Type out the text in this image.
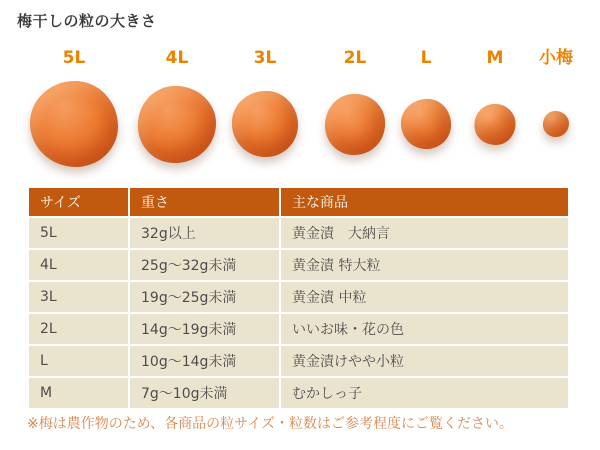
梅干しの粒の大きさ
5L	4L	3L	2L	L	M 小梅
サイズ	重さ	主な商品
5L	32g以上	黄金漬　大納言
4L	25g〜32g未満	黄金漬 特大粒
3L	19g〜25g未満	黄金漬 中粒
2L	14g〜19g未満	いいお味・花の色
L	10g〜14g未満	黄金漬けやや小粒
M	7g〜10g未満	むかしっ子
※梅は農作物のため、各商品の粒サイズ・粒数はご参考程度にご覧ください。
